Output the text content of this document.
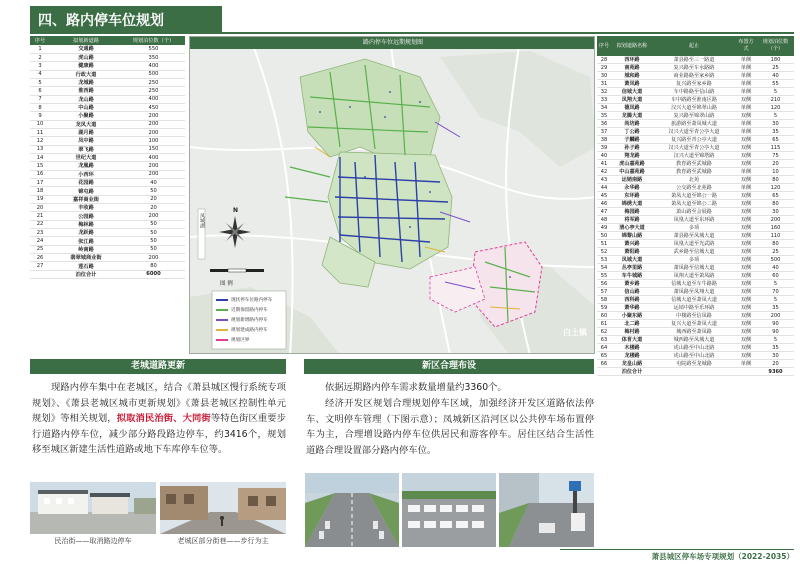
四、路内停车位规划
序号	拟划新道路	规划泊位数（个）
1	交通路	550
2	虎山路	350
3	健康路	400
4	行政大道	500
5	龙城路	250
6	淮西路	250
7	龙山路	400
8	中山路	450
9	小聚路	200
10	龙凤大道	200
11	湖月路	200
12	凤中路	100
13	翠飞路	150
14	世纪大道	400
15	龙凰路	200
16	小西环	200
17	花园路	40
18	锦屯路	50
19	嘉祥商业街	20
20	丰收路	20
21	公园路	200
22	梅林路	50
23	龙跃路	50
24	张江路	50
25	岭南路	50
26	翡翠城商业街	200
27	莲石路	80
	泊位合计	6000
路内停车位远期规划图
N
凤城湖
图 例
现状停车位路内停车
近期保留路内停车
规划新增路内停车
规划建成路内停车
规划区界
白土镇
序号	拟划道路名称	起止	布置方式	规划泊位数（个）
28	西环路	萧县路至三一路道	单侧	180
29	南苑路	复兴路至车水路路	单侧	25
30	城和路	商业路路至家乡路	单侧	40
31	萧凤路	复兴路至家乡路	单侧	55
32	信城大道	车中路路至信山路	单侧	5
33	凤翔大道	车中路路至淮南区路	双侧	210
34	德凤路	汉兴大道至锦翠山路	单侧	120
35	龙腾大道	复兴路至锦翠山路	双侧	5
36	尚坊路	旅游路至萧凤城大道	单侧	30
37	丁公路	汉兴大道至青公亭大道	单侧	35
38	子麟路	复兴路至青公亭大道	双侧	65
39	孙子路	汉兴大道至青公亭大道	双侧	115
40	翔龙路	汉兴大道至锦塔路	双侧	75
41	虎山嘉苑路	教育路至武城路	双侧	20
42	中山嘉苑路	教育路至武城路	单侧	10
43	运销南路	北苑	双侧	80
44	永华路	公交路至北苑路	单侧	120
45	东环路	萧凤大道至锦公一路	双侧	65
46	锦绣大道	萧凤大道至锦公二路	双侧	80
47	梅园路	萧山路至会展路	双侧	30
48	将军路	凤凰大道至东环路	双侧	200
49	清心亭大道	多项	双侧	160
50	锦黎山路	萧县路至凤城大道	双侧	110
51	萧兴路	凤凰大道至光武路	双侧	80
52	萧阳路	武乡路至信城大道	双侧	25
53	凤城大道	多项	双侧	500
54	丛亭里路	萧凤路至信城大道	双侧	40
55	车牛城路	凤翔大道至萧凤路	双侧	60
56	萧乡路	信城大道至车牛路路	双侧	5
57	信山路	萧凤路至凤翔大道	双侧	70
58	西科路	信城大道至萧凤大道	双侧	5
59	萧华路	运销中路至乐环路	双侧	35
60	小聚东路	中楼路至信凤路	双侧	200
61	北二路	复兴大道至萧凤大道	双侧	90
62	梅村路	城西路至萧凤路	双侧	90
63	体育大道	城西路至凤城大道	双侧	5
64	木楼路	虎山路至中山北路	双侧	35
65	龙楼路	虎山路至中山北路	双侧	30
66	龙皇山路	屯院路至龙城路	单侧	20
	泊位合计			9360
老城道路更新
现路内停车集中在老城区，结合《萧县城区慢行系统专项规划》、《萧县老城区城市更新规划》《萧县老城区控制性单元规划》等相关规划，拟取消民治街、大同街等特色街区重要步行道路内停车位，减少部分路段路边停车，约3416个，规划移至城区新建生活性道路或地下车库停车位等。
民治街——取消路边停车	老城区部分街巷——步行为主
新区合理布设
依据远期路内停车需求数量增量约3360个。
经济开发区规划合理规划停车区域，加强经济开发区道路依法停车、文明停车管理（下图示意）；凤城新区沿河区以公共停车场布置停车为主，合理增设路内停车位供居民和游客停车。居住区结合生活性道路合理设置部分路内停车位。
萧县城区停车场专项规划（2022-2035）
